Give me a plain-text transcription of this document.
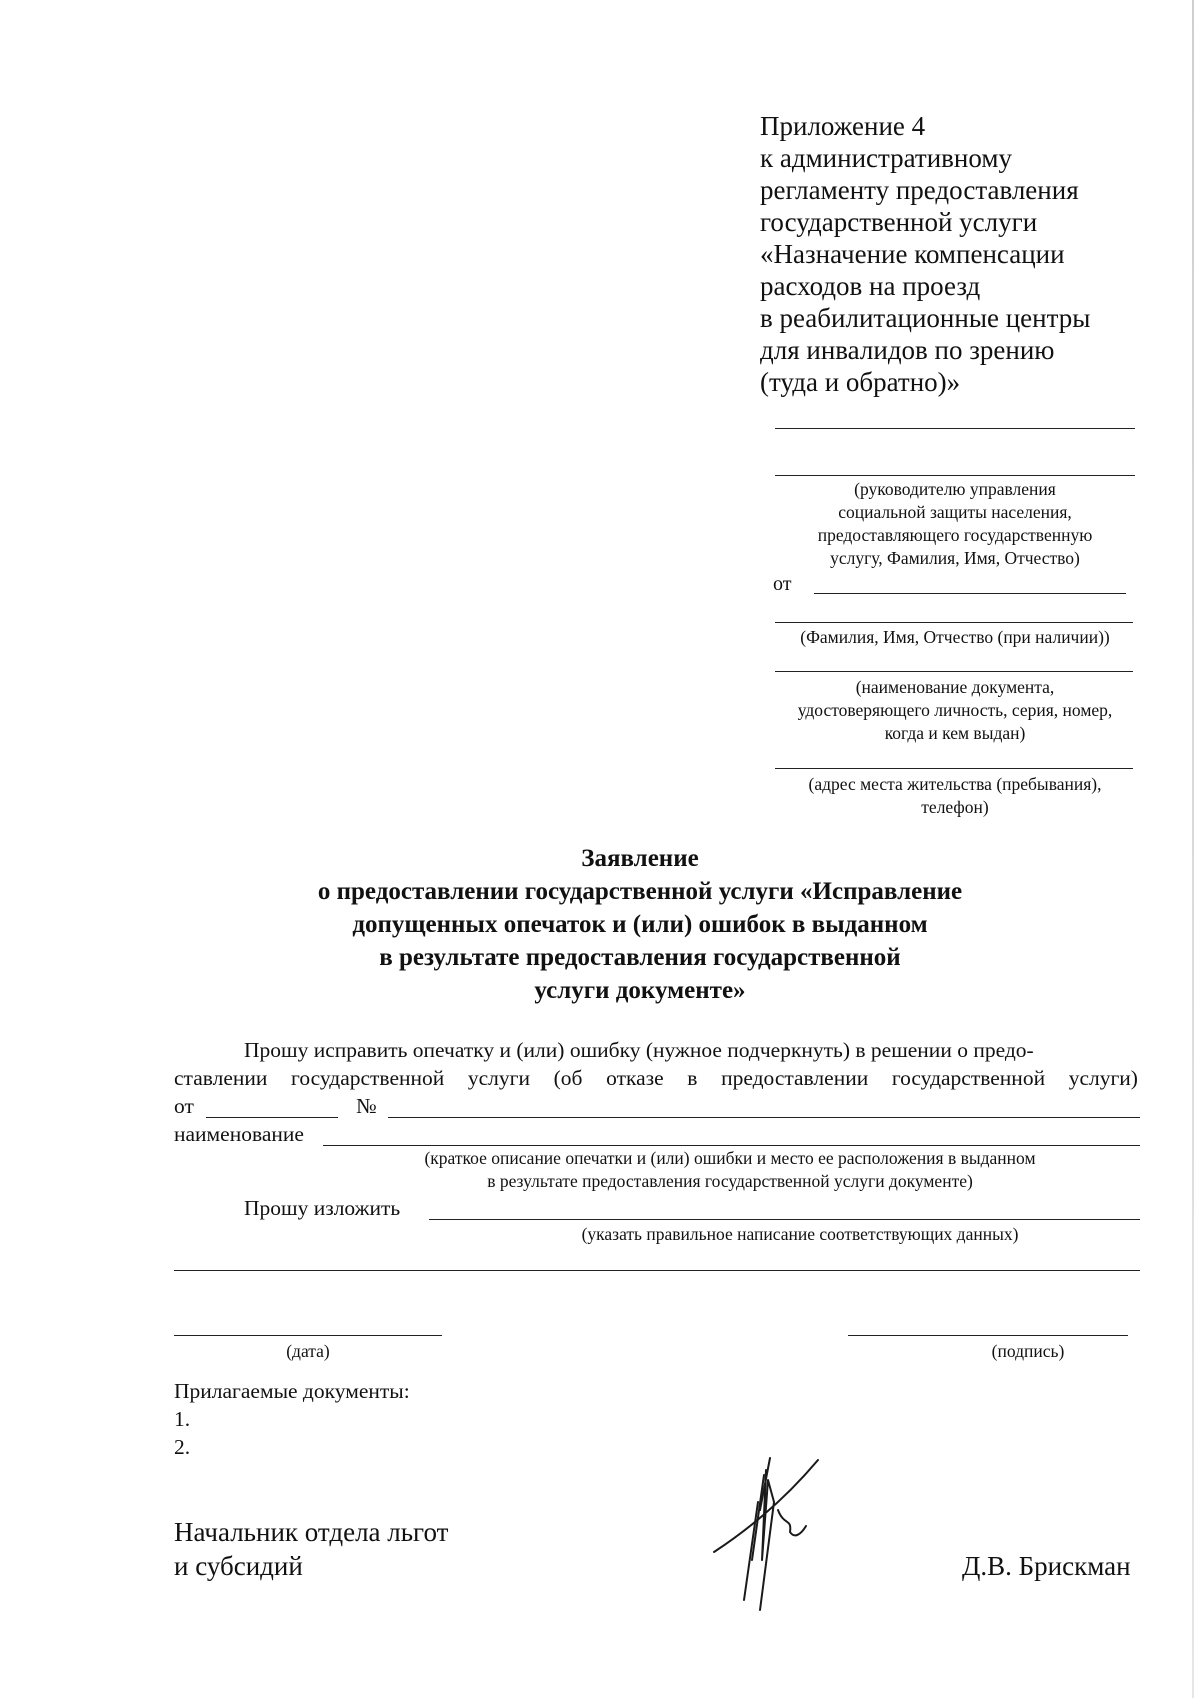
Приложение 4
к административному
регламенту предоставления
государственной услуги
«Назначение компенсации
расходов на проезд
в реабилитационные центры
для инвалидов по зрению
(туда и обратно)»
(руководителю управления
социальной защиты населения,
предоставляющего государственную
услугу, Фамилия, Имя, Отчество)
от
(Фамилия, Имя, Отчество (при наличии))
(наименование документа,
удостоверяющего личность, серия, номер,
когда и кем выдан)
(адрес места жительства (пребывания),
телефон)
Заявление
о предоставлении государственной услуги «Исправление
допущенных опечаток и (или) ошибок в выданном
в результате предоставления государственной
услуги документе»
Прошу исправить опечатку и (или) ошибку (нужное подчеркнуть) в решении о предо-
ставлении государственной услуги (об отказе в предоставлении государственной услуги)
от	№
наименование
(краткое описание опечатки и (или) ошибки и место ее расположения в выданном
в результате предоставления государственной услуги документе)
Прошу изложить
(указать правильное написание соответствующих данных)
(дата)	(подпись)
Прилагаемые документы:
1.
2.
Начальник отдела льгот
и субсидий	Д.В. Брискман
